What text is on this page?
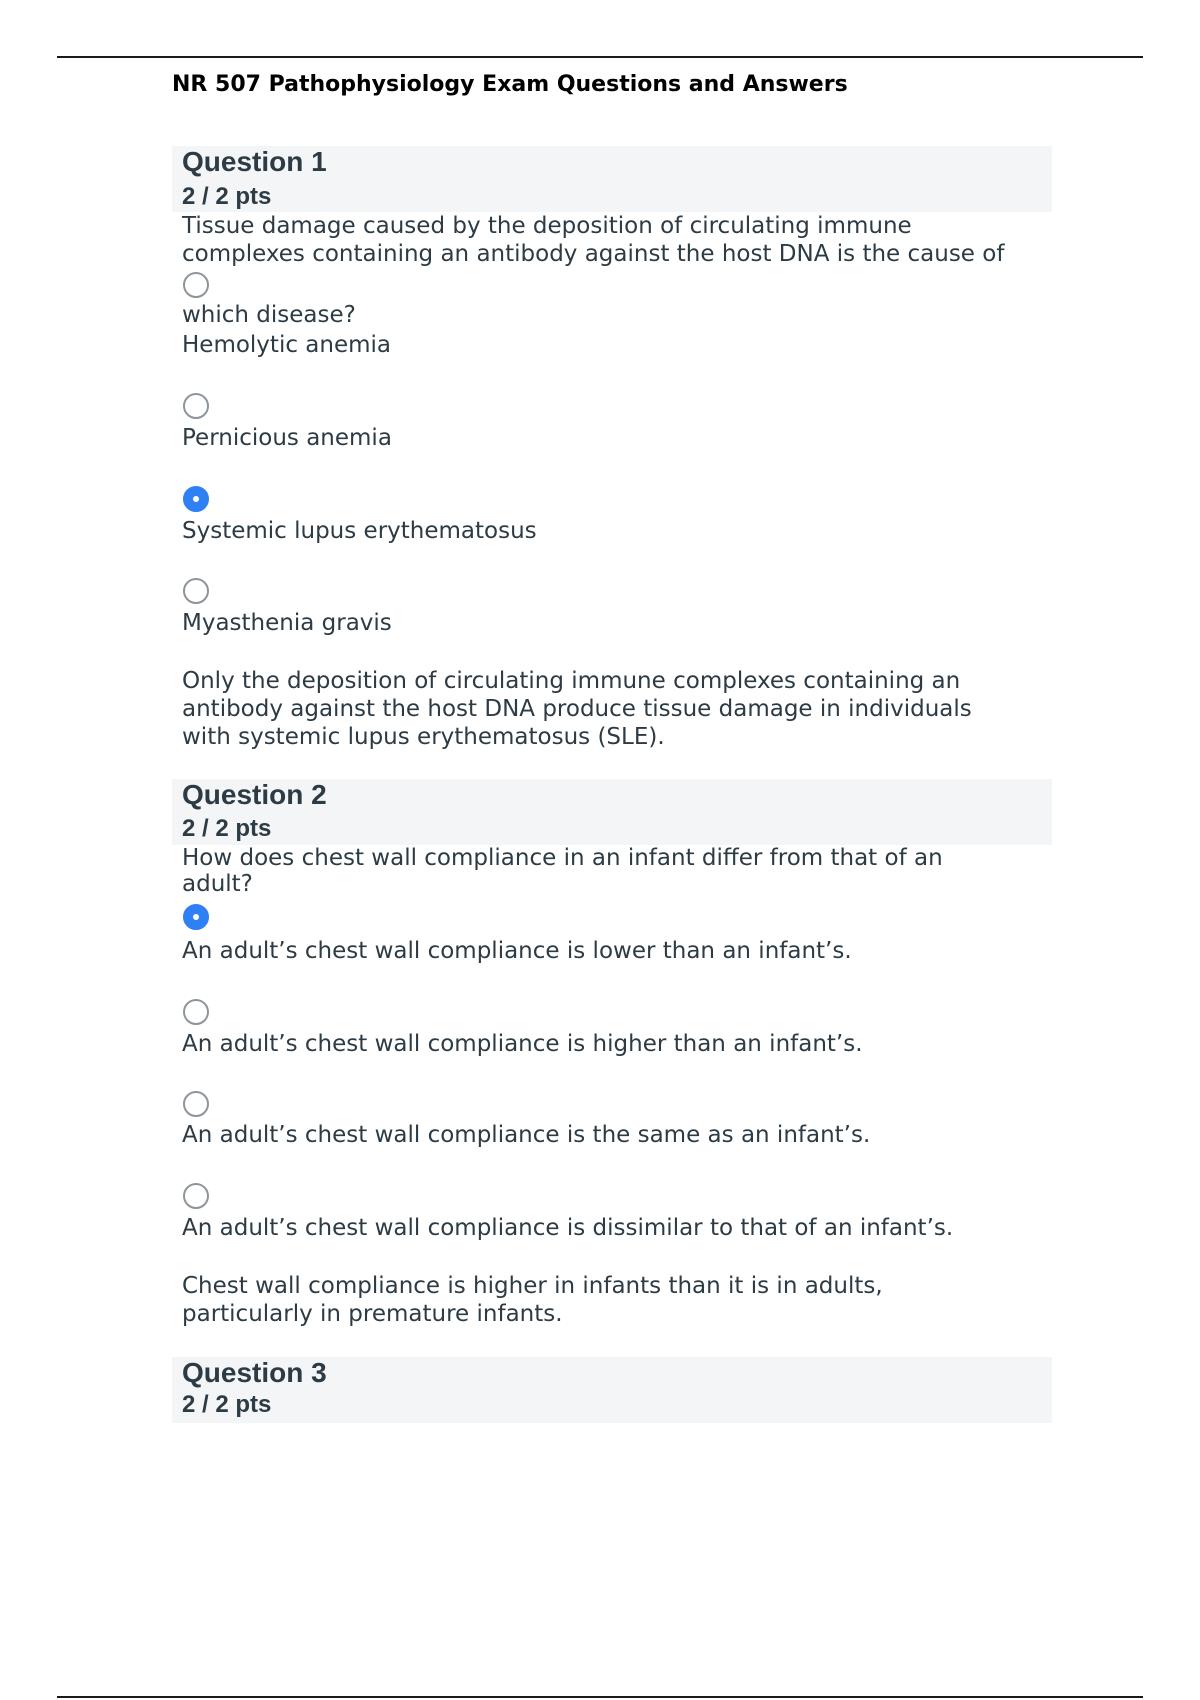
NR 507 Pathophysiology Exam Questions and Answers
Question 1
2 / 2 pts

Tissue damage caused by the deposition of circulating immune

complexes containing an antibody against the host DNA is the cause of

which disease?

Hemolytic anemia

Pernicious anemia

Systemic lupus erythematosus

Myasthenia gravis

Only the deposition of circulating immune complexes containing an

antibody against the host DNA produce tissue damage in individuals

with systemic lupus erythematosus (SLE).

Question 2
2 / 2 pts

How does chest wall compliance in an infant differ from that of an

adult?

An adult’s chest wall compliance is lower than an infant’s.

An adult’s chest wall compliance is higher than an infant’s.

An adult’s chest wall compliance is the same as an infant’s.

An adult’s chest wall compliance is dissimilar to that of an infant’s.

Chest wall compliance is higher in infants than it is in adults,

particularly in premature infants.

Question 3
2 / 2 pts
